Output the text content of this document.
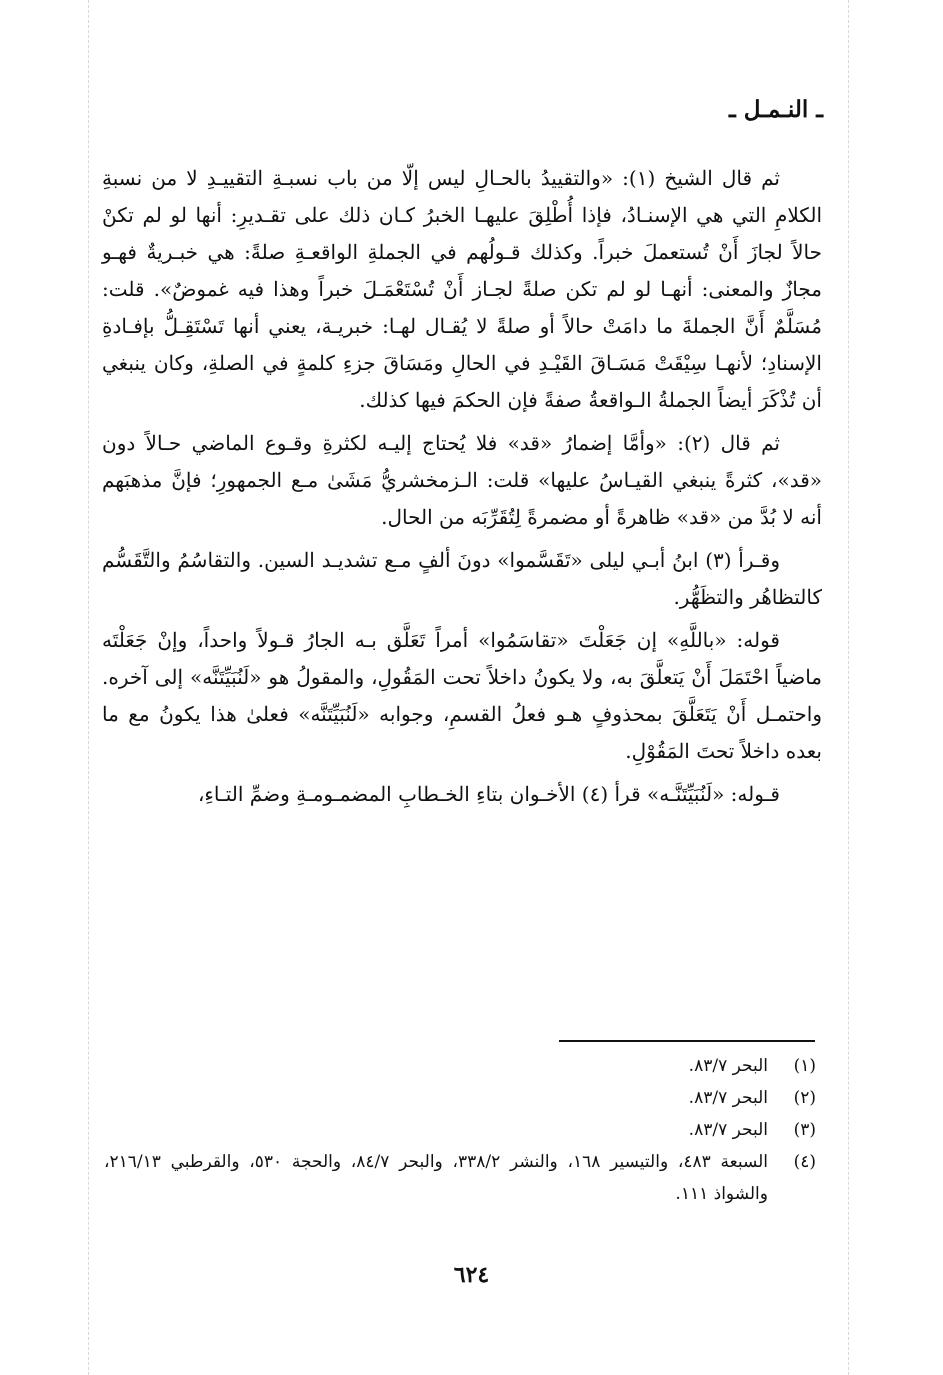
ـ النـمـل ـ

ثم قال الشيخ (١): «والتقييدُ بالحـالِ ليس إلّا من باب نسبـةِ التقييـدِ لا من نسبةِ الكلامِ التي هي الإسنـادُ، فإذا أُطْلِقَ عليهـا الخبرُ كـان ذلك على تقـديرِ: أنها لو لم تكنْ حالاً لجازَ أَنْ تُستعملَ خبراً. وكذلك قـولُهم في الجملةِ الواقعـةِ صلةً: هي خبـريةٌ فهـو مجازٌ والمعنى: أنهـا لو لم تكن صلةً لجـاز أَنْ تُسْتَعْمَـلَ خبراً وهذا فيه غموضٌ». قلت: مُسَلَّمٌ أَنَّ الجملةَ ما دامَتْ حالاً أو صلةً لا يُقـال لهـا: خبريـة، يعني أنها تَسْتَقِـلُّ بإفـادةِ الإسنادِ؛ لأنهـا سِيْقَتْ مَسَـاقَ القَيْـدِ في الحالِ ومَسَاقَ جزءِ كلمةٍ في الصلةِ، وكان ينبغي أن تُذْكَرَ أيضاً الجملةُ الـواقعةُ صفةً فإن الحكمَ فيها كذلك.

ثم قال (٢): «وأمَّا إضمارُ «قد» فلا يُحتاج إليـه لكثرةِ وقـوع الماضي حـالاً دون «قد»، كثرةً ينبغي القيـاسُ عليها» قلت: الـزمخشريُّ مَشَىٰ مـع الجمهورِ؛ فإنَّ مذهبَهم أنه لا بُدَّ من «قد» ظاهرةً أو مضمرةً لِتُقَرِّبَه من الحال.

وقـرأ (٣) ابنُ أبـي ليلى «تَقَسَّموا» دونَ ألفٍ مـع تشديـد السين. والتقاسُمُ والتَّقَسُّم كالتظاهُر والتظَهُّر.

قوله: «باللَّهِ» إن جَعَلْتَ «تقاسَمُوا» أمراً تَعَلَّق بـه الجارُ قـولاً واحداً، وإنْ جَعَلْتَه ماضياً احْتَمَلَ أَنْ يَتعلَّقَ به، ولا يكونُ داخلاً تحت المَقُولِ، والمقولُ هو «لَنُبَيِّتَنَّه» إلى آخره. واحتمـل أَنْ يَتَعَلَّقَ بمحذوفٍ هـو فعلُ القسمِ، وجوابه «لَنُبَيِّتَنَّه» فعلىٰ هذا يكونُ مع ما بعده داخلاً تحتَ المَقُوْلِ.

قـوله: «لَنُبَيِّتَنَّـه» قرأ (٤) الأخـوان بتاءِ الخـطابِ المضمـومـةِ وضمِّ التـاءِ،

(١)
البحر ٨٣/٧.
(٢)
البحر ٨٣/٧.
(٣)
البحر ٨٣/٧.
(٤)
السبعة ٤٨٣، والتيسير ١٦٨، والنشر ٣٣٨/٢، والبحر ٨٤/٧، والحجة ٥٣٠، والقرطبي ٢١٦/١٣، والشواذ ١١١.
٦٢٤
